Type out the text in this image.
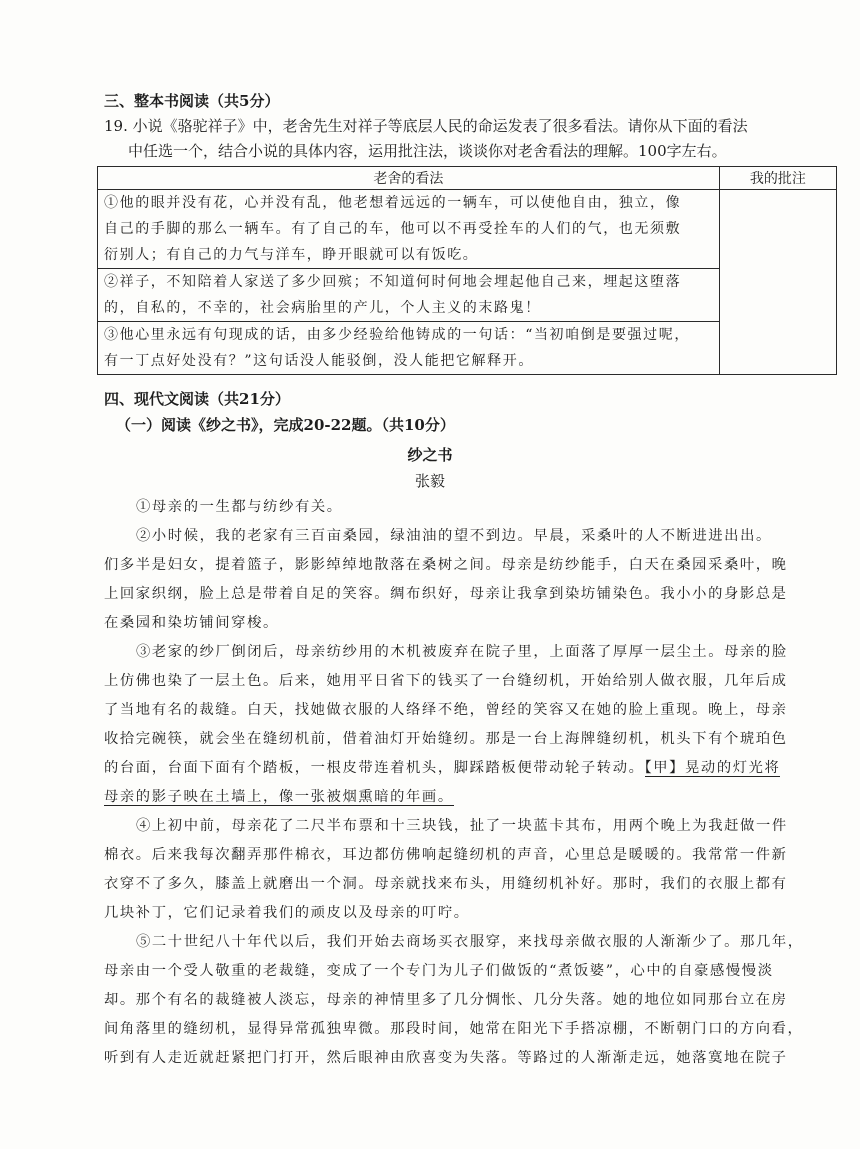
三、整本书阅读（共5分）

19. 小说《骆驼祥子》中，老舍先生对祥子等底层人民的命运发表了很多看法。请你从下面的看法

中任选一个，结合小说的具体内容，运用批注法，谈谈你对老舍看法的理解。100字左右。

老舍的看法	我的批注

①他的眼并没有花，心并没有乱，他老想着远远的一辆车，可以使他自由，独立，像
自己的手脚的那么一辆车。有了自己的车，他可以不再受拴车的人们的气，也无须敷
衍别人；有自己的力气与洋车，睁开眼就可以有饭吃。	

②祥子，不知陪着人家送了多少回殡；不知道何时何地会埋起他自己来，埋起这堕落
的，自私的，不幸的，社会病胎里的产儿，个人主义的末路鬼！	

③他心里永远有句现成的话，由多少经验给他铸成的一句话：“当初咱倒是要强过呢，
有一丁点好处没有？”这句话没人能驳倒，没人能把它解释开。	

四、现代文阅读（共21分）

（一）阅读《纱之书》，完成20-22题。（共10分）

纱之书

张毅

①母亲的一生都与纺纱有关。
②小时候，我的老家有三百亩桑园，绿油油的望不到边。早晨，采桑叶的人不断进进出出。
们多半是妇女，提着篮子，影影绰绰地散落在桑树之间。母亲是纺纱能手，白天在桑园采桑叶，晚
上回家织纲，脸上总是带着自足的笑容。绸布织好，母亲让我拿到染坊铺染色。我小小的身影总是
在桑园和染坊铺间穿梭。
③老家的纱厂倒闭后，母亲纺纱用的木机被废弃在院子里，上面落了厚厚一层尘土。母亲的脸
上仿佛也染了一层土色。后来，她用平日省下的钱买了一台缝纫机，开始给别人做衣服，几年后成
了当地有名的裁缝。白天，找她做衣服的人络绎不绝，曾经的笑容又在她的脸上重现。晚上，母亲
收拾完碗筷，就会坐在缝纫机前，借着油灯开始缝纫。那是一台上海牌缝纫机，机头下有个琥珀色
的台面，台面下面有个踏板，一根皮带连着机头，脚踩踏板便带动轮子转动。【甲】晃动的灯光将
母亲的影子映在土墙上，像一张被烟熏暗的年画。
④上初中前，母亲花了二尺半布票和十三块钱，扯了一块蓝卡其布，用两个晚上为我赶做一件
棉衣。后来我每次翻弄那件棉衣，耳边都仿佛响起缝纫机的声音，心里总是暖暖的。我常常一件新
衣穿不了多久，膝盖上就磨出一个洞。母亲就找来布头，用缝纫机补好。那时，我们的衣服上都有
几块补丁，它们记录着我们的顽皮以及母亲的叮咛。
⑤二十世纪八十年代以后，我们开始去商场买衣服穿，来找母亲做衣服的人渐渐少了。那几年，
母亲由一个受人敬重的老裁缝，变成了一个专门为儿子们做饭的“煮饭婆”，心中的自豪感慢慢淡
却。那个有名的裁缝被人淡忘，母亲的神情里多了几分惆怅、几分失落。她的地位如同那台立在房
间角落里的缝纫机，显得异常孤独卑微。那段时间，她常在阳光下手搭凉棚，不断朝门口的方向看，
听到有人走近就赶紧把门打开，然后眼神由欣喜变为失落。等路过的人渐渐走远，她落寞地在院子
